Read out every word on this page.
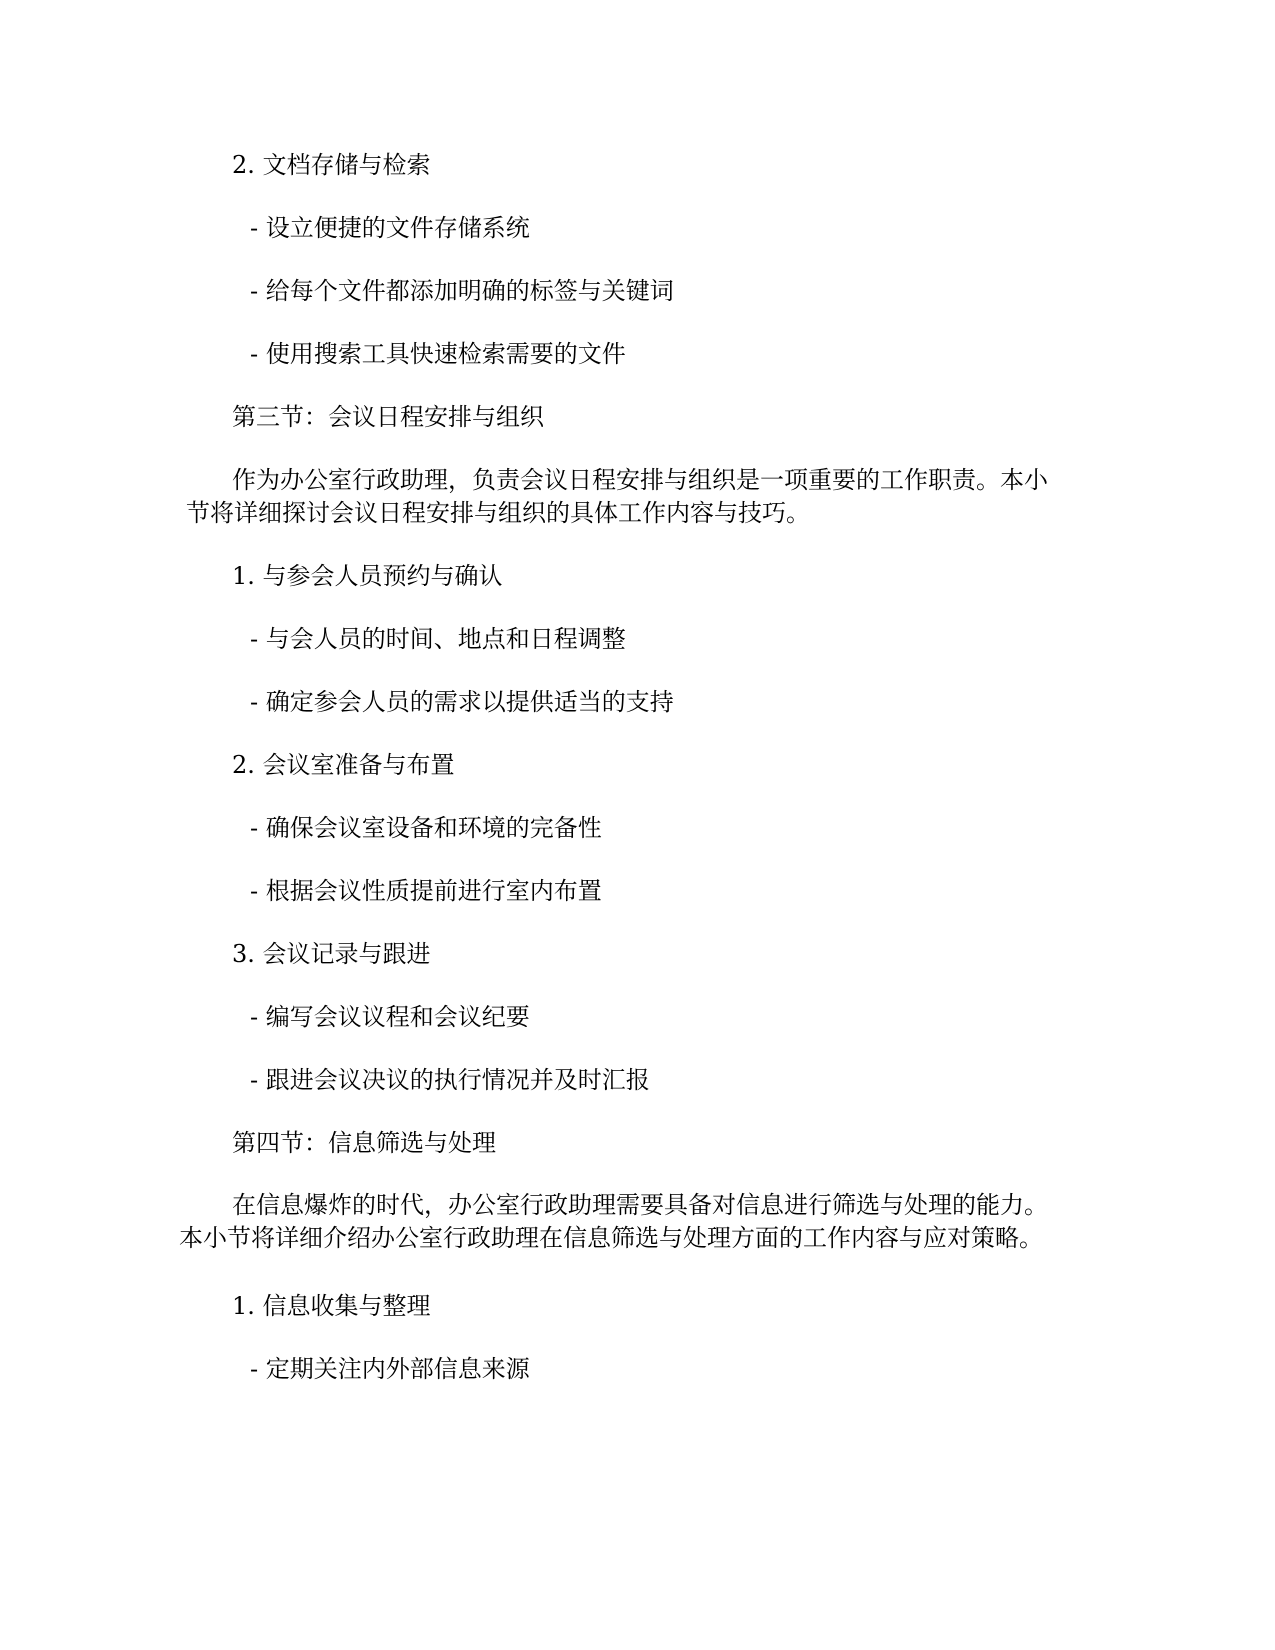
2. 文档存储与检索
- 设立便捷的文件存储系统
- 给每个文件都添加明确的标签与关键词
- 使用搜索工具快速检索需要的文件
第三节：会议日程安排与组织
作为办公室行政助理，负责会议日程安排与组织是一项重要的工作职责。本小
节将详细探讨会议日程安排与组织的具体工作内容与技巧。
1. 与参会人员预约与确认
- 与会人员的时间、地点和日程调整
- 确定参会人员的需求以提供适当的支持
2. 会议室准备与布置
- 确保会议室设备和环境的完备性
- 根据会议性质提前进行室内布置
3. 会议记录与跟进
- 编写会议议程和会议纪要
- 跟进会议决议的执行情况并及时汇报
第四节：信息筛选与处理
在信息爆炸的时代，办公室行政助理需要具备对信息进行筛选与处理的能力。
本小节将详细介绍办公室行政助理在信息筛选与处理方面的工作内容与应对策略。
1. 信息收集与整理
- 定期关注内外部信息来源
